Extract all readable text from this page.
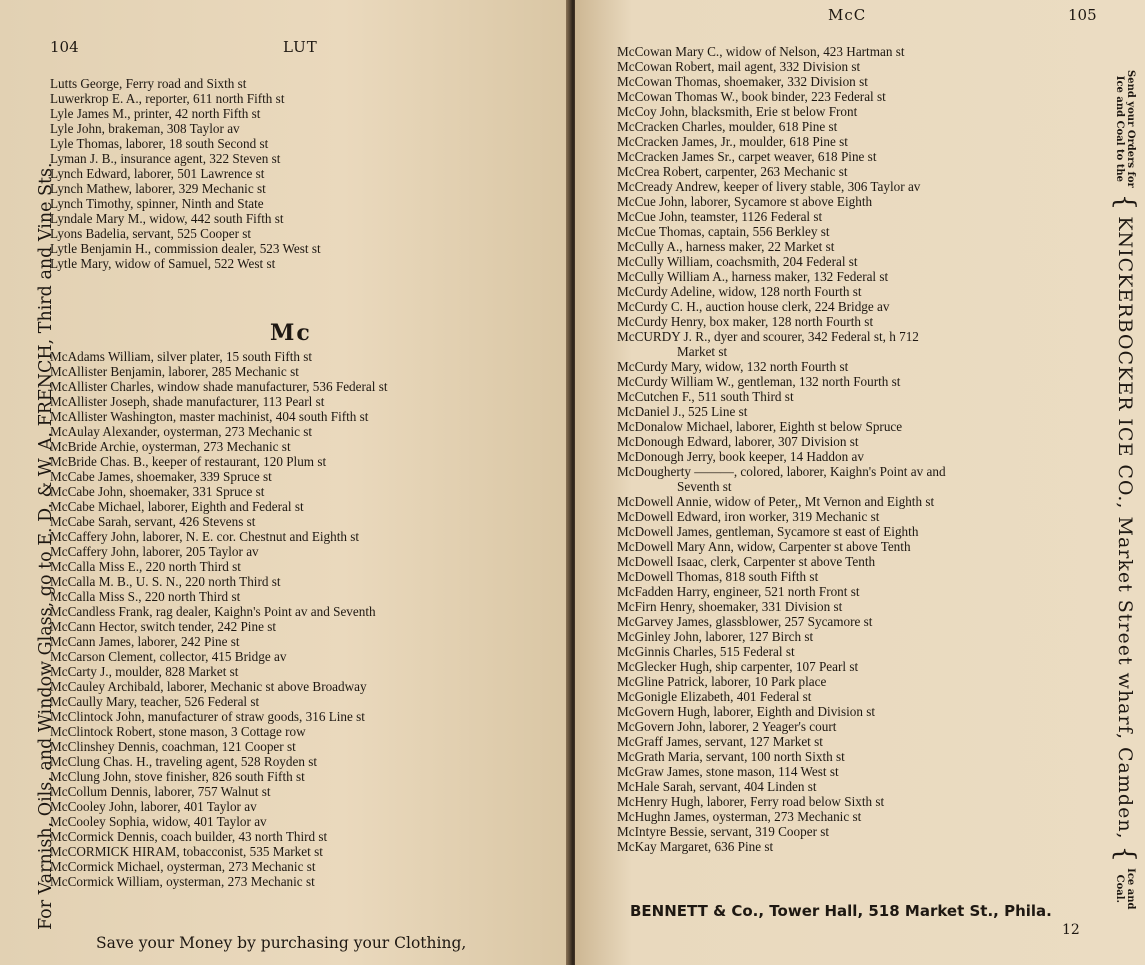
104	LUT
Lutts George, Ferry road and Sixth st
Luwerkrop E. A., reporter, 611 north Fifth st
Lyle James M., printer, 42 north Fifth st
Lyle John, brakeman, 308 Taylor av
Lyle Thomas, laborer, 18 south Second st
Lyman J. B., insurance agent, 322 Steven st
Lynch Edward, laborer, 501 Lawrence st
Lynch Mathew, laborer, 329 Mechanic st
Lynch Timothy, spinner, Ninth and State
Lyndale Mary M., widow, 442 south Fifth st
Lyons Badelia, servant, 525 Cooper st
Lytle Benjamin H., commission dealer, 523 West st
Lytle Mary, widow of Samuel, 522 West st
Mc
McAdams William, silver plater, 15 south Fifth st
McAllister Benjamin, laborer, 285 Mechanic st
McAllister Charles, window shade manufacturer, 536 Federal st
McAllister Joseph, shade manufacturer, 113 Pearl st
McAllister Washington, master machinist, 404 south Fifth st
McAulay Alexander, oysterman, 273 Mechanic st
McBride Archie, oysterman, 273 Mechanic st
McBride Chas. B., keeper of restaurant, 120 Plum st
McCabe James, shoemaker, 339 Spruce st
McCabe John, shoemaker, 331 Spruce st
McCabe Michael, laborer, Eighth and Federal st
McCabe Sarah, servant, 426 Stevens st
McCaffery John, laborer, N. E. cor. Chestnut and Eighth st
McCaffery John, laborer, 205 Taylor av
McCalla Miss E., 220 north Third st
McCalla M. B., U. S. N., 220 north Third st
McCalla Miss S., 220 north Third st
McCandless Frank, rag dealer, Kaighn's Point av and Seventh
McCann Hector, switch tender, 242 Pine st
McCann James, laborer, 242 Pine st
McCarson Clement, collector, 415 Bridge av
McCarty J., moulder, 828 Market st
McCauley Archibald, laborer, Mechanic st above Broadway
McCaully Mary, teacher, 526 Federal st
McClintock John, manufacturer of straw goods, 316 Line st
McClintock Robert, stone mason, 3 Cottage row
McClinshey Dennis, coachman, 121 Cooper st
McClung Chas. H., traveling agent, 528 Royden st
McClung John, stove finisher, 826 south Fifth st
McCollum Dennis, laborer, 757 Walnut st
McCooley John, laborer, 401 Taylor av
McCooley Sophia, widow, 401 Taylor av
McCormick Dennis, coach builder, 43 north Third st
McCORMICK HIRAM, tobacconist, 535 Market st
McCormick Michael, oysterman, 273 Mechanic st
McCormick William, oysterman, 273 Mechanic st
For Varnish, Oils, and Window Glass, go to E. D. & W. A. FRENCH, Third and Vine Sts.
Save your Money by purchasing your Clothing,
McC	105
McCowan Mary C., widow of Nelson, 423 Hartman st
McCowan Robert, mail agent, 332 Division st
McCowan Thomas, shoemaker, 332 Division st
McCowan Thomas W., book binder, 223 Federal st
McCoy John, blacksmith, Erie st below Front
McCracken Charles, moulder, 618 Pine st
McCracken James, Jr., moulder, 618 Pine st
McCracken James Sr., carpet weaver, 618 Pine st
McCrea Robert, carpenter, 263 Mechanic st
McCready Andrew, keeper of livery stable, 306 Taylor av
McCue John, laborer, Sycamore st above Eighth
McCue John, teamster, 1126 Federal st
McCue Thomas, captain, 556 Berkley st
McCully A., harness maker, 22 Market st
McCully William, coachsmith, 204 Federal st
McCully William A., harness maker, 132 Federal st
McCurdy Adeline, widow, 128 north Fourth st
McCurdy C. H., auction house clerk, 224 Bridge av
McCurdy Henry, box maker, 128 north Fourth st
McCURDY J. R., dyer and scourer, 342 Federal st, h 712
Market st
McCurdy Mary, widow, 132 north Fourth st
McCurdy William W., gentleman, 132 north Fourth st
McCutchen F., 511 south Third st
McDaniel J., 525 Line st
McDonalow Michael, laborer, Eighth st below Spruce
McDonough Edward, laborer, 307 Division st
McDonough Jerry, book keeper, 14 Haddon av
McDougherty ———, colored, laborer, Kaighn's Point av and
Seventh st
McDowell Annie, widow of Peter,, Mt Vernon and Eighth st
McDowell Edward, iron worker, 319 Mechanic st
McDowell James, gentleman, Sycamore st east of Eighth
McDowell Mary Ann, widow, Carpenter st above Tenth
McDowell Isaac, clerk, Carpenter st above Tenth
McDowell Thomas, 818 south Fifth st
McFadden Harry, engineer, 521 north Front st
McFirn Henry, shoemaker, 331 Division st
McGarvey James, glassblower, 257 Sycamore st
McGinley John, laborer, 127 Birch st
McGinnis Charles, 515 Federal st
McGlecker Hugh, ship carpenter, 107 Pearl st
McGline Patrick, laborer, 10 Park place
McGonigle Elizabeth, 401 Federal st
McGovern Hugh, laborer, Eighth and Division st
McGovern John, laborer, 2 Yeager's court
McGraff James, servant, 127 Market st
McGrath Maria, servant, 100 north Sixth st
McGraw James, stone mason, 114 West st
McHale Sarah, servant, 404 Linden st
McHenry Hugh, laborer, Ferry road below Sixth st
McHughn James, oysterman, 273 Mechanic st
McIntyre Bessie, servant, 319 Cooper st
McKay Margaret, 636 Pine st
BENNETT & Co., Tower Hall, 518 Market St., Phila.
12
Send your Orders for
Ice and Coal to the
{
KNICKERBOCKER ICE CO., Market Street wharf, Camden,
{
Ice and
Coal.
